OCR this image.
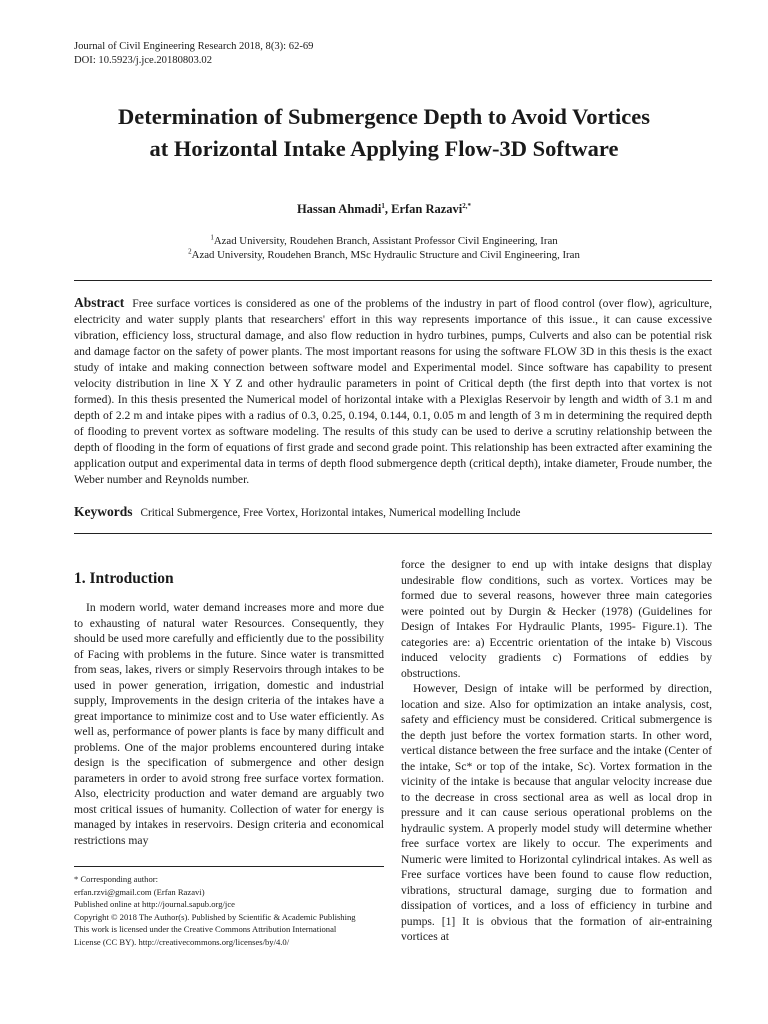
Journal of Civil Engineering Research 2018, 8(3): 62-69
DOI: 10.5923/j.jce.20180803.02
Determination of Submergence Depth to Avoid Vortices
at Horizontal Intake Applying Flow-3D Software
Hassan Ahmadi$^1$, Erfan Razavi$^{2,*}$
$^1$Azad University, Roudehen Branch, Assistant Professor Civil Engineering, Iran
$^2$Azad University, Roudehen Branch, MSc Hydraulic Structure and Civil Engineering, Iran
Abstract Free surface vortices is considered as one of the problems of the industry in part of flood control (over flow), agriculture, electricity and water supply plants that researchers' effort in this way represents importance of this issue., it can cause excessive vibration, efficiency loss, structural damage, and also flow reduction in hydro turbines, pumps, Culverts and also can be potential risk and damage factor on the safety of power plants. The most important reasons for using the software FLOW 3D in this thesis is the exact study of intake and making connection between software model and Experimental model. Since software has capability to present velocity distribution in line X Y Z and other hydraulic parameters in point of Critical depth (the first depth into that vortex is not formed). In this thesis presented the Numerical model of horizontal intake with a Plexiglas Reservoir by length and width of 3.1 m and depth of 2.2 m and intake pipes with a radius of 0.3, 0.25, 0.194, 0.144, 0.1, 0.05 m and length of 3 m in determining the required depth of flooding to prevent vortex as software modeling. The results of this study can be used to derive a scrutiny relationship between the depth of flooding in the form of equations of first grade and second grade point. This relationship has been extracted after examining the application output and experimental data in terms of depth flood submergence depth (critical depth), intake diameter, Froude number, the Weber number and Reynolds number.
Keywords Critical Submergence, Free Vortex, Horizontal intakes, Numerical modelling Include
1. Introduction

In modern world, water demand increases more and more due to exhausting of natural water Resources. Consequently, they should be used more carefully and efficiently due to the possibility of Facing with problems in the future. Since water is transmitted from seas, lakes, rivers or simply Reservoirs through intakes to be used in power generation, irrigation, domestic and industrial supply, Improvements in the design criteria of the intakes have a great importance to minimize cost and to Use water efficiently. As well as, performance of power plants is face by many difficult and problems. One of the major problems encountered during intake design is the specification of submergence and other design parameters in order to avoid strong free surface vortex formation. Also, electricity production and water demand are arguably two most critical issues of humanity. Collection of water for energy is managed by intakes in reservoirs. Design criteria and economical restrictions may

force the designer to end up with intake designs that display undesirable flow conditions, such as vortex. Vortices may be formed due to several reasons, however three main categories were pointed out by Durgin & Hecker (1978) (Guidelines for Design of Intakes For Hydraulic Plants, 1995- Figure.1). The categories are: a) Eccentric orientation of the intake b) Viscous induced velocity gradients c) Formations of eddies by obstructions.

However, Design of intake will be performed by direction, location and size. Also for optimization an intake analysis, cost, safety and efficiency must be considered. Critical submergence is the depth just before the vortex formation starts. In other word, vertical distance between the free surface and the intake (Center of the intake, Sc* or top of the intake, Sc). Vortex formation in the vicinity of the intake is because that angular velocity increase due to the decrease in cross sectional area as well as local drop in pressure and it can cause serious operational problems on the hydraulic system. A properly model study will determine whether free surface vortex are likely to occur. The experiments and Numeric were limited to Horizontal cylindrical intakes. As well as Free surface vortices have been found to cause flow reduction, vibrations, structural damage, surging due to formation and dissipation of vortices, and a loss of efficiency in turbine and pumps. [1] It is obvious that the formation of air-entraining vortices at

* Corresponding author:
erfan.rzvi@gmail.com (Erfan Razavi)
Published online at http://journal.sapub.org/jce
Copyright © 2018 The Author(s). Published by Scientific & Academic Publishing
This work is licensed under the Creative Commons Attribution International
License (CC BY). http://creativecommons.org/licenses/by/4.0/
